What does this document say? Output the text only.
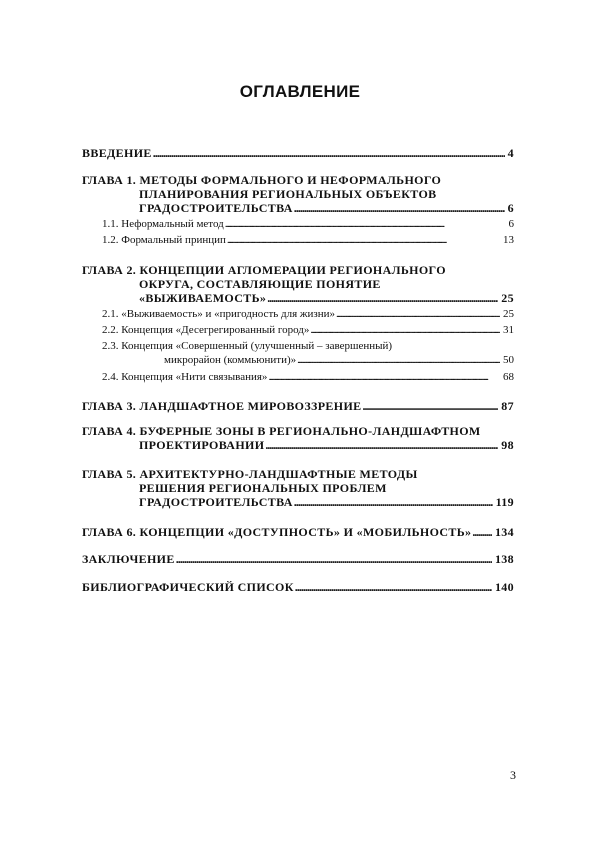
ОГЛАВЛЕНИЕ
ВВЕДЕНИЕ . . .	4
ГЛАВА 1. МЕТОДЫ ФОРМАЛЬНОГО И НЕФОРМАЛЬНОГО
ПЛАНИРОВАНИЯ РЕГИОНАЛЬНЫХ ОБЪЕКТОВ
ГРАДОСТРОИТЕЛЬСТВА . . .	6
1.1. Неформальный метод . . .	6
1.2. Формальный принцип . . .	13
ГЛАВА 2. КОНЦЕПЦИИ АГЛОМЕРАЦИИ РЕГИОНАЛЬНОГО
ОКРУГА, СОСТАВЛЯЮЩИЕ ПОНЯТИЕ
«ВЫЖИВАЕМОСТЬ» . . .	25
2.1. «Выживаемость» и «пригодность для жизни» . . .	25
2.2. Концепция «Десегрегированный город» . . .	31
2.3. Концепция «Совершенный (улучшенный – завершенный)
микрорайон (коммьюнити)» . . .	50
2.4. Концепция «Нити связывания» . . .	68
ГЛАВА 3. ЛАНДШАФТНОЕ МИРОВОЗЗРЕНИЕ . . .	87
ГЛАВА 4. БУФЕРНЫЕ ЗОНЫ В РЕГИОНАЛЬНО-ЛАНДШАФТНОМ
ПРОЕКТИРОВАНИИ . . .	98
ГЛАВА 5. АРХИТЕКТУРНО-ЛАНДШАФТНЫЕ МЕТОДЫ
РЕШЕНИЯ РЕГИОНАЛЬНЫХ ПРОБЛЕМ
ГРАДОСТРОИТЕЛЬСТВА . . .	119
ГЛАВА 6. КОНЦЕПЦИИ «ДОСТУПНОСТЬ» И «МОБИЛЬНОСТЬ» . . . 134
ЗАКЛЮЧЕНИЕ . . .	138
БИБЛИОГРАФИЧЕСКИЙ СПИСОК . . .	140
3
